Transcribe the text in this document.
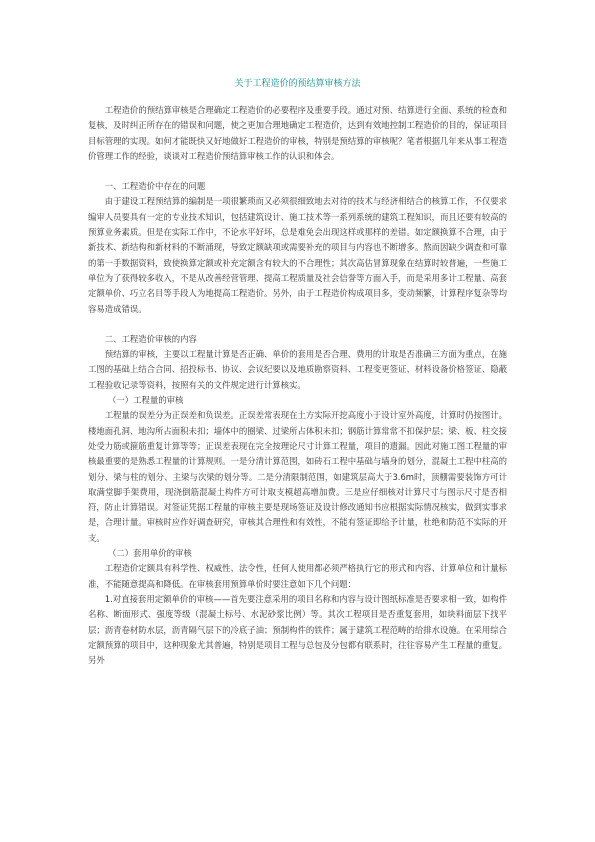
关于工程造价的预结算审核方法

工程造价的预结算审核是合理确定工程造价的必要程序及重要手段。通过对预、结算进行全面、系统的检查和复核，及时纠正所存在的错误和问题，使之更加合理地确定工程造价，达到有效地控制工程造价的目的，保证项目目标管理的实现。如何才能既快又好地做好工程造价的审核，特别是预结算的审核呢？笔者根据几年来从事工程造价管理工作的经验，谈谈对工程造价预结算审核工作的认识和体会。

一、工程造价中存在的问题

由于建设工程预结算的编制是一项很繁琐而又必须很细致地去对待的技术与经济相结合的核算工作，不仅要求编审人员要具有一定的专业技术知识，包括建筑设计、施工技术等一系列系统的建筑工程知识，而且还要有较高的预算业务素质。但是在实际工作中，不论水平好坏，总是难免会出现这样或那样的差错。如定额换算不合理，由于新技术、新结构和新材料的不断涌现，导致定额缺项或需要补充的项目与内容也不断增多。熬而因缺少调查和可靠的第一手数据资料，致使换算定额或补充定额含有较大的不合理性；其次高估冒算现象在结算时较普遍，一些施工单位为了获得较多收入，不是从改善经营管理、提高工程质量及社会信誉等方面入手，而是采用多计工程量、高套定额单价、巧立名目等手段人为地提高工程造价。另外，由于工程造价构成项目多，变动频繁，计算程序复杂等均容易造成错误。

二、工程造价审核的内容

预结算的审核，主要以工程量计算是否正确、单价的套用是否合理、费用的计取是否准确三方面为重点，在施工图的基础上结合合同、招投标书、协议、会议纪要以及地质勘察资料、工程变更签证、材料设备价格签证、隐蔽工程验收记录等资料，按照有关的文件规定进行计算核实。

（一）工程量的审核

工程量的误差分为正误差和负误差。正误差常表现在土方实际开挖高度小于设计室外高度，计算时仍按图计。楼地面孔洞、地沟所占面积未扣；墙体中的圈梁、过梁所占体积未扣；钢筋计算常常不扣保护层；梁、板、柱交接处受力筋或箍筋重复计算等等；正误差表现在完全按理论尺寸计算工程量，项目的遗漏。因此对施工图工程量的审核最重要的是熟悉工程量的计算规则。一是分清计算范围，如砖石工程中基础与墙身的划分，混凝土工程中柱高的划分、梁与柱的划分、主梁与次梁的划分等。二是分清限制范围，如建筑层高大于3.6m时，顶棚需要装饰方可计取满堂脚手架费用，现浇倒筋混凝土构件方可计取支模超高增加费。三是应仔细核对计算尺寸与图示尺寸是否相符，防止计算错误。对签证凭据工程量的审核主要是现场签证及设计修改通知书应根据实际情况核实，做到实事求是，合理计量。审核时应作好调查研究，审核其合理性和有效性，不能有签证即给予计量，杜绝和防范不实际的开支。

（二）套用单价的审核

工程造价定额具有科学性、权威性、法令性，任何人使用都必须严格执行它的形式和内容、计算单位和计量标准，不能随意提高和降低。在审核套用预算单价时要注意如下几个问题：

1.对直接套用定额单价的审核——首先要注意采用的项目名称和内容与设计图纸标准是否要求相一致，如构件名称、断面形式、强度等级（混凝土标号、水泥砂浆比例）等。其次工程项目是否重复套用，如块料面层下找平层；沥青卷材防水层，沥青隔气层下的冷底子油；预制构件的铁件；属于建筑工程范畴的给排水设施。在采用综合定额预算的项目中，这种现象尤其普遍，特别是项目工程与总包及分包都有联系时，往往容易产生工程量的重复。另外
